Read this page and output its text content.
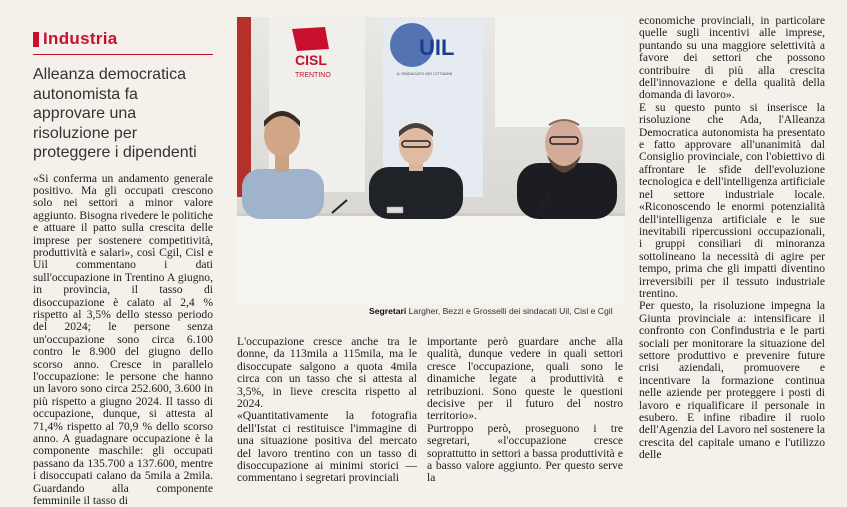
Industria
Alleanza democratica autonomista fa approvare una risoluzione per proteggere i dipendenti

«Si conferma un andamento generale positivo. Ma gli occupati crescono solo nei settori a minor valore aggiunto. Bisogna rivedere le politiche e attuare il patto sulla crescita delle imprese per sostenere competitività, produttività e salari», così Cgil, Cisl e Uil commentano i dati sull'occupazione in Trentino A giugno, in provincia, il tasso di disoccupazione è calato al 2,4 % rispetto al 3,5% dello stesso periodo del 2024; le persone senza un'occupazione sono circa 6.100 contro le 8.900 del giugno dello scorso anno. Cresce in parallelo l'occupazione: le persone che hanno un lavoro sono circa 252.600, 3.600 in più rispetto a giugno 2024. Il tasso di occupazione, dunque, si attesta al 71,4% rispetto al 70,9 % dello scorso anno. A guadagnare occupazione è la componente maschile: gli occupati passano da 135.700 a 137.600, mentre i disoccupati calano da 5mila a 2mila. Guardando alla componente femminile il tasso di

CISL
TRENTINO
UIL
IL SINDACATO DEI CITTADINI
Segretari Largher, Bezzi e Grosselli dei sindacati Uil, Cisl e Cgil

L'occupazione cresce anche tra le donne, da 113mila a 115mila, ma le disoccupate salgono a quota 4mila circa con un tasso che si attesta al 3,5%, in lieve crescita rispetto al 2024.

«Quantitativamente la fotografia dell'Istat ci restituisce l'immagine di una situazione positiva del mercato del lavoro trentino con un tasso di disoccupazione ai minimi storici — commentano i segretari provinciali

importante però guardare anche alla qualità, dunque vedere in quali settori cresce l'occupazione, quali sono le dinamiche legate a produttività e retribuzioni. Sono queste le questioni decisive per il futuro del nostro territorio».

Purtroppo però, proseguono i tre segretari, «l'occupazione cresce soprattutto in settori a bassa produttività e a basso valore aggiunto. Per questo serve la

economiche provinciali, in particolare quelle sugli incentivi alle imprese, puntando su una maggiore selettività a favore dei settori che possono contribuire di più alla crescita dell'innovazione e della qualità della domanda di lavoro».

E su questo punto si inserisce la risoluzione che Ada, l'Alleanza Democratica autonomista ha presentato e fatto approvare all'unanimità dal Consiglio provinciale, con l'obiettivo di affrontare le sfide dell'evoluzione tecnologica e dell'intelligenza artificiale nel settore industriale locale. «Riconoscendo le enormi potenzialità dell'intelligenza artificiale e le sue inevitabili ripercussioni occupazionali, i gruppi consiliari di minoranza sottolineano la necessità di agire per tempo, prima che gli impatti diventino irreversibili per il tessuto industriale trentino.

Per questo, la risoluzione impegna la Giunta provinciale a: intensificare il confronto con Confindustria e le parti sociali per monitorare la situazione del settore produttivo e prevenire future crisi aziendali, promuovere e incentivare la formazione continua nelle aziende per proteggere i posti di lavoro e riqualificare il personale in esubero. E infine ribadire il ruolo dell'Agenzia del Lavoro nel sostenere la crescita del capitale umano e l'utilizzo delle
